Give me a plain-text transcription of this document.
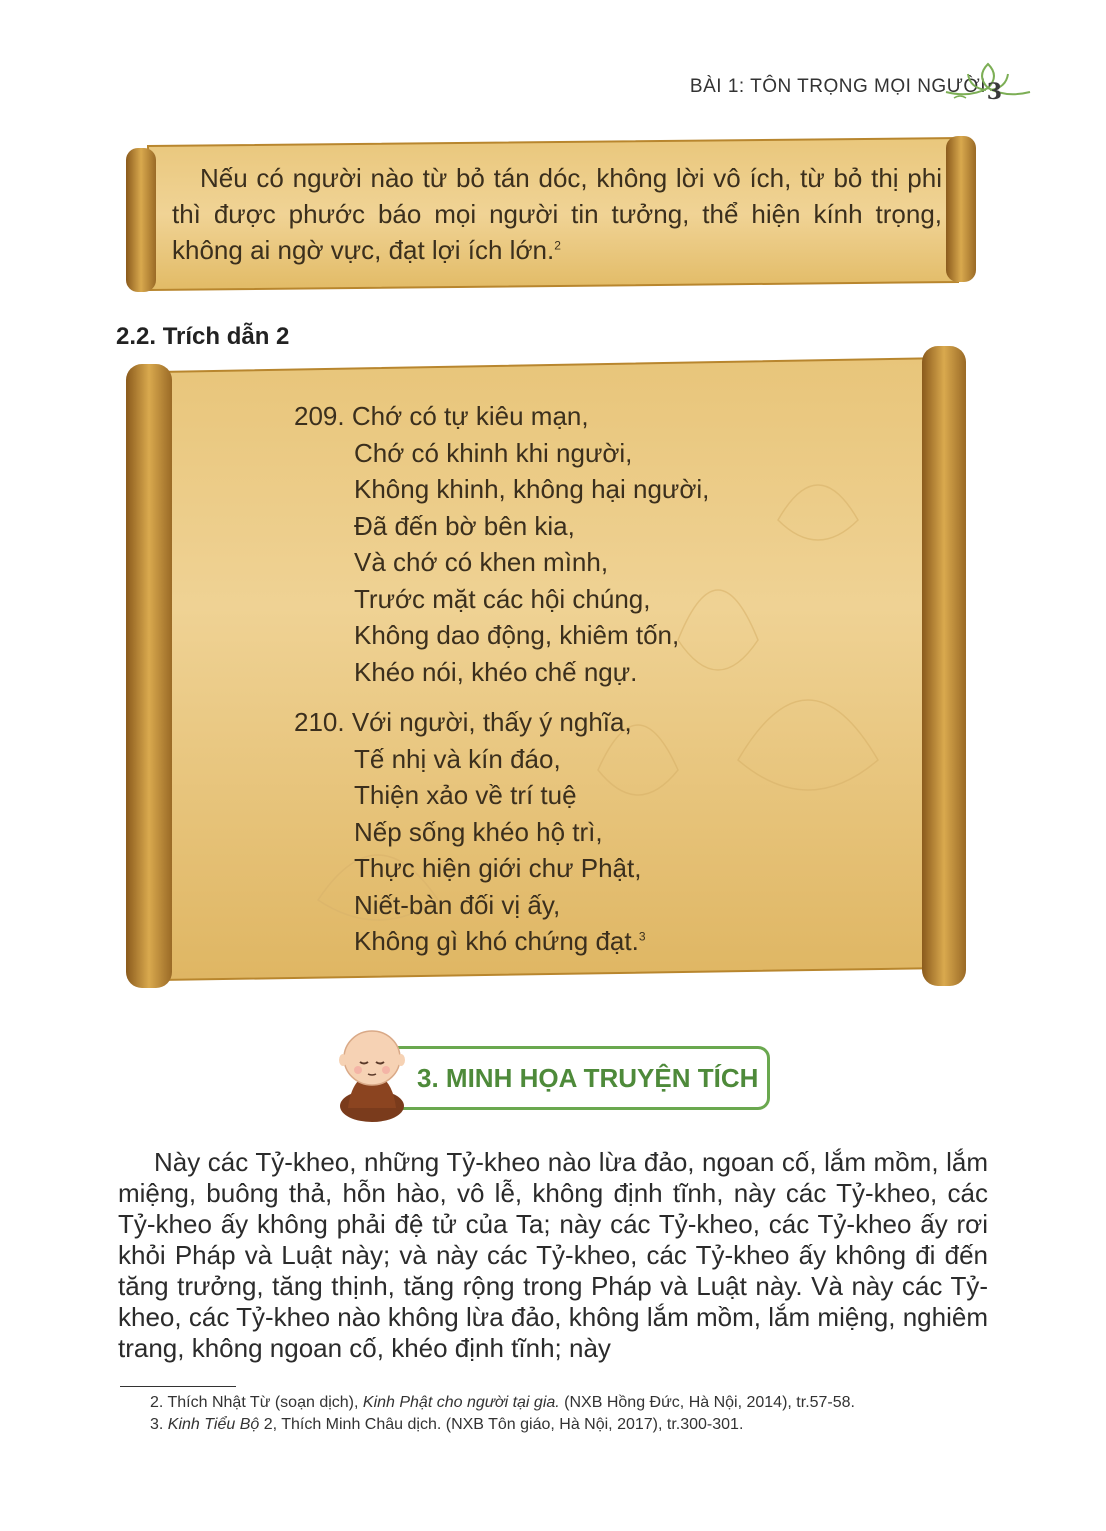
BÀI 1: TÔN TRỌNG MỌI NGƯỜI 3
Nếu có người nào từ bỏ tán dóc, không lời vô ích, từ bỏ thị phi thì được phước báo mọi người tin tưởng, thể hiện kính trọng, không ai ngờ vực, đạt lợi ích lớn.$^2$
2.2. Trích dẫn 2
209. Chớ có tự kiêu mạn,
Chớ có khinh khi người,
Không khinh, không hại người,
Đã đến bờ bên kia,
Và chớ có khen mình,
Trước mặt các hội chúng,
Không dao động, khiêm tốn,
Khéo nói, khéo chế ngự.
210. Với người, thấy ý nghĩa,
Tế nhị và kín đáo,
Thiện xảo về trí tuệ
Nếp sống khéo hộ trì,
Thực hiện giới chư Phật,
Niết-bàn đối vị ấy,
Không gì khó chứng đạt.$^3$
3. MINH HỌA TRUYỆN TÍCH
Này các Tỷ-kheo, những Tỷ-kheo nào lừa đảo, ngoan cố, lắm mồm, lắm miệng, buông thả, hỗn hào, vô lễ, không định tĩnh, này các Tỷ-kheo, các Tỷ-kheo ấy không phải đệ tử của Ta; này các Tỷ-kheo, các Tỷ-kheo ấy rơi khỏi Pháp và Luật này; và này các Tỷ-kheo, các Tỷ-kheo ấy không đi đến tăng trưởng, tăng thịnh, tăng rộng trong Pháp và Luật này. Và này các Tỷ-kheo, các Tỷ-kheo nào không lừa đảo, không lắm mồm, lắm miệng, nghiêm trang, không ngoan cố, khéo định tĩnh; này
2. Thích Nhật Từ (soạn dịch), Kinh Phật cho người tại gia. (NXB Hồng Đức, Hà Nội, 2014), tr.57-58.
3. Kinh Tiểu Bộ 2, Thích Minh Châu dịch. (NXB Tôn giáo, Hà Nội, 2017), tr.300-301.
